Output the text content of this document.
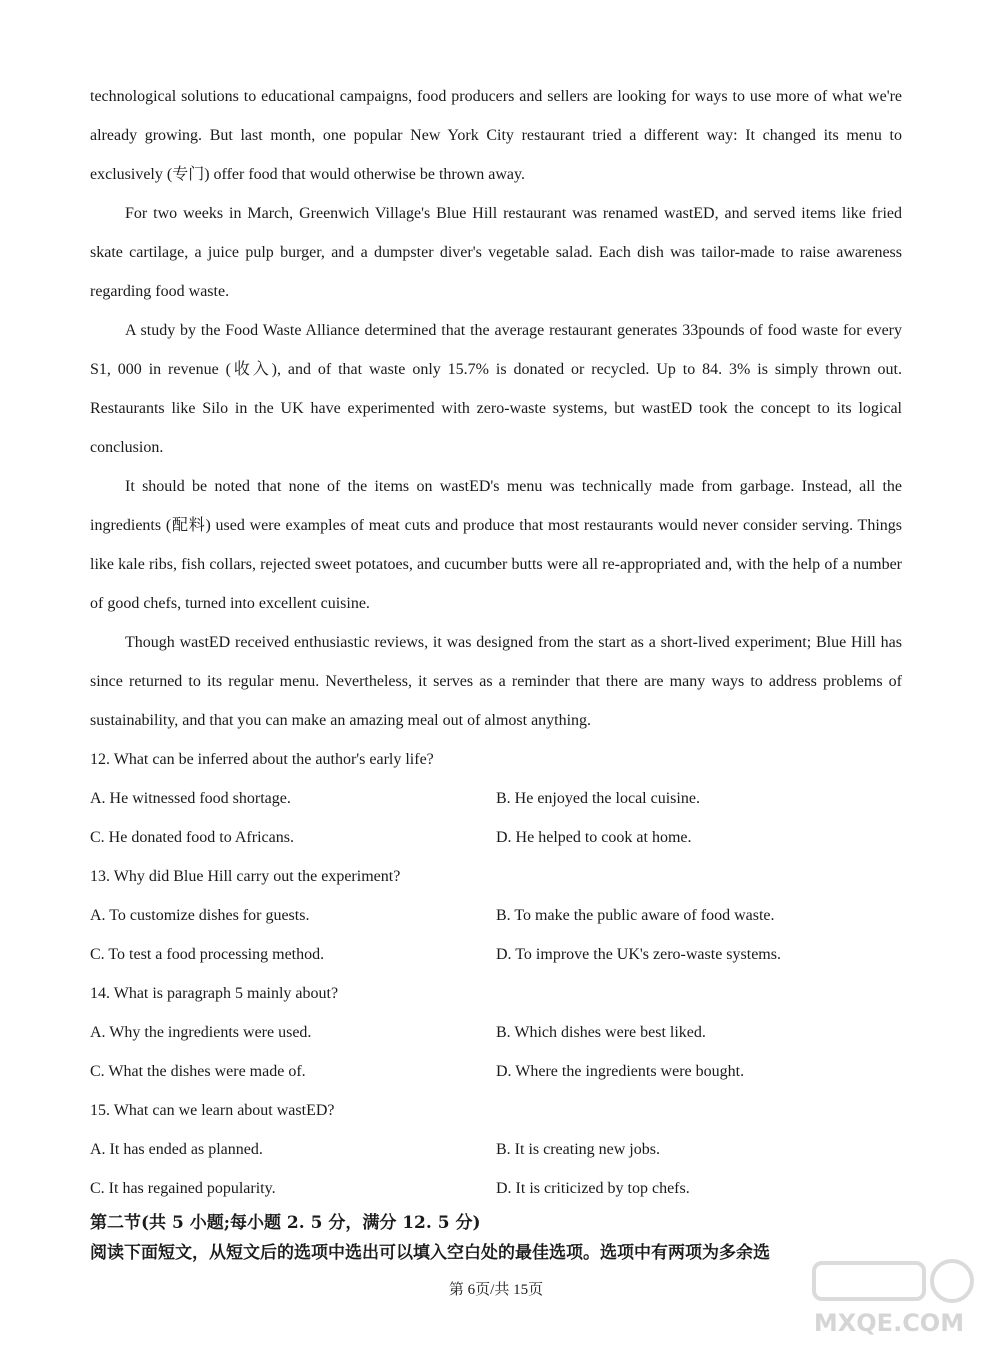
technological solutions to educational campaigns, food producers and sellers are looking for ways to use more of what we're already growing. But last month, one popular New York City restaurant tried a different way: It changed its menu to exclusively (专门) offer food that would otherwise be thrown away.

For two weeks in March, Greenwich Village's Blue Hill restaurant was renamed wastED, and served items like fried skate cartilage, a juice pulp burger, and a dumpster diver's vegetable salad. Each dish was tailor-made to raise awareness regarding food waste.

A study by the Food Waste Alliance determined that the average restaurant generates 33pounds of food waste for every S1, 000 in revenue (收入), and of that waste only 15.7% is donated or recycled. Up to 84. 3% is simply thrown out. Restaurants like Silo in the UK have experimented with zero-waste systems, but wastED took the concept to its logical conclusion.

It should be noted that none of the items on wastED's menu was technically made from garbage. Instead, all the ingredients (配料) used were examples of meat cuts and produce that most restaurants would never consider serving. Things like kale ribs, fish collars, rejected sweet potatoes, and cucumber butts were all re-appropriated and, with the help of a number of good chefs, turned into excellent cuisine.

Though wastED received enthusiastic reviews, it was designed from the start as a short-lived experiment; Blue Hill has since returned to its regular menu. Nevertheless, it serves as a reminder that there are many ways to address problems of sustainability, and that you can make an amazing meal out of almost anything.

12. What can be inferred about the author's early life?

A. He witnessed food shortage.	B. He enjoyed the local cuisine.

C. He donated food to Africans.	D. He helped to cook at home.

13. Why did Blue Hill carry out the experiment?

A. To customize dishes for guests.	B. To make the public aware of food waste.

C. To test a food processing method.	D. To improve the UK's zero-waste systems.

14. What is paragraph 5 mainly about?

A. Why the ingredients were used.	B. Which dishes were best liked.

C. What the dishes were made of.	D. Where the ingredients were bought.

15. What can we learn about wastED?

A. It has ended as planned.	B. It is creating new jobs.

C. It has regained popularity.	D. It is criticized by top chefs.

第二节(共 5 小题;每小题 2. 5 分，满分 12. 5 分)
阅读下面短文，从短文后的选项中选出可以填入空白处的最佳选项。选项中有两项为多余选
第 6页/共 15页
MXQE.COM
